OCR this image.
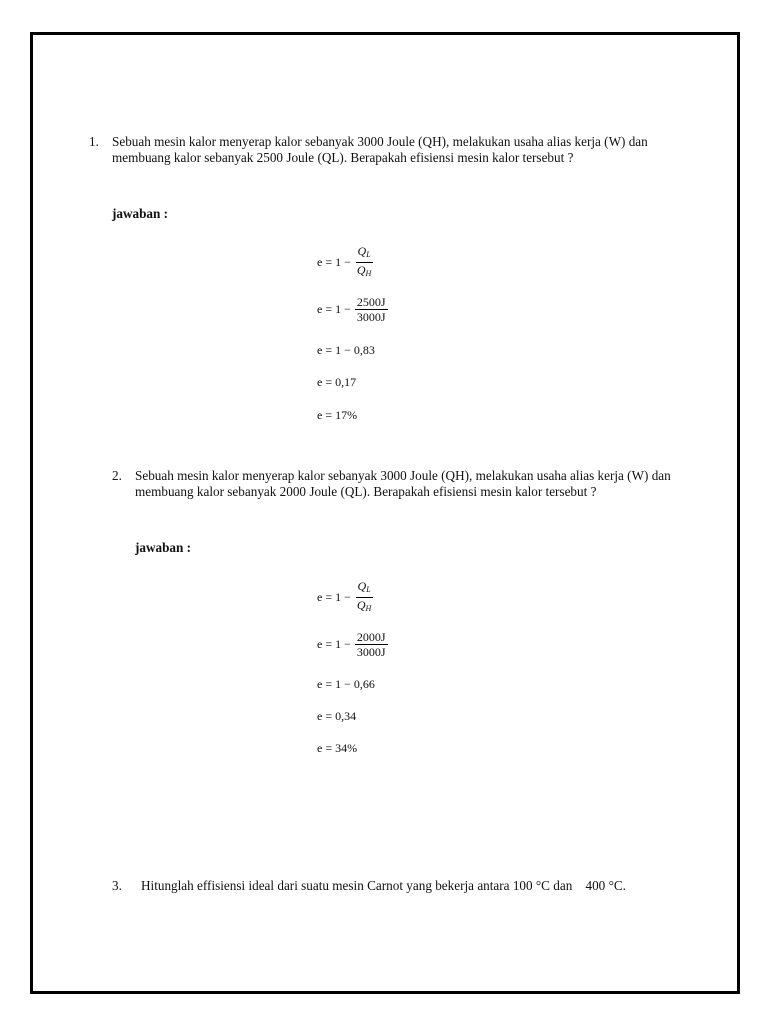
1. Sebuah mesin kalor menyerap kalor sebanyak 3000 Joule (QH), melakukan usaha alias kerja (W) dan membuang kalor sebanyak 2500 Joule (QL). Berapakah efisiensi mesin kalor tersebut ?
jawaban :
$e = 1 - \frac{Q_L}{Q_H}$
$e = 1 - \frac{2500J}{3000J}$
e = 1 − 0,83
e = 0,17
e = 17%
2. Sebuah mesin kalor menyerap kalor sebanyak 3000 Joule (QH), melakukan usaha alias kerja (W) dan membuang kalor sebanyak 2000 Joule (QL). Berapakah efisiensi mesin kalor tersebut ?
jawaban :
$e = 1 - \frac{Q_L}{Q_H}$
$e = 1 - \frac{2000J}{3000J}$
e = 1 − 0,66
e = 0,34
e = 34%
3. Hitunglah effisiensi ideal dari suatu mesin Carnot yang bekerja antara 100 °C dan    400 °C.
